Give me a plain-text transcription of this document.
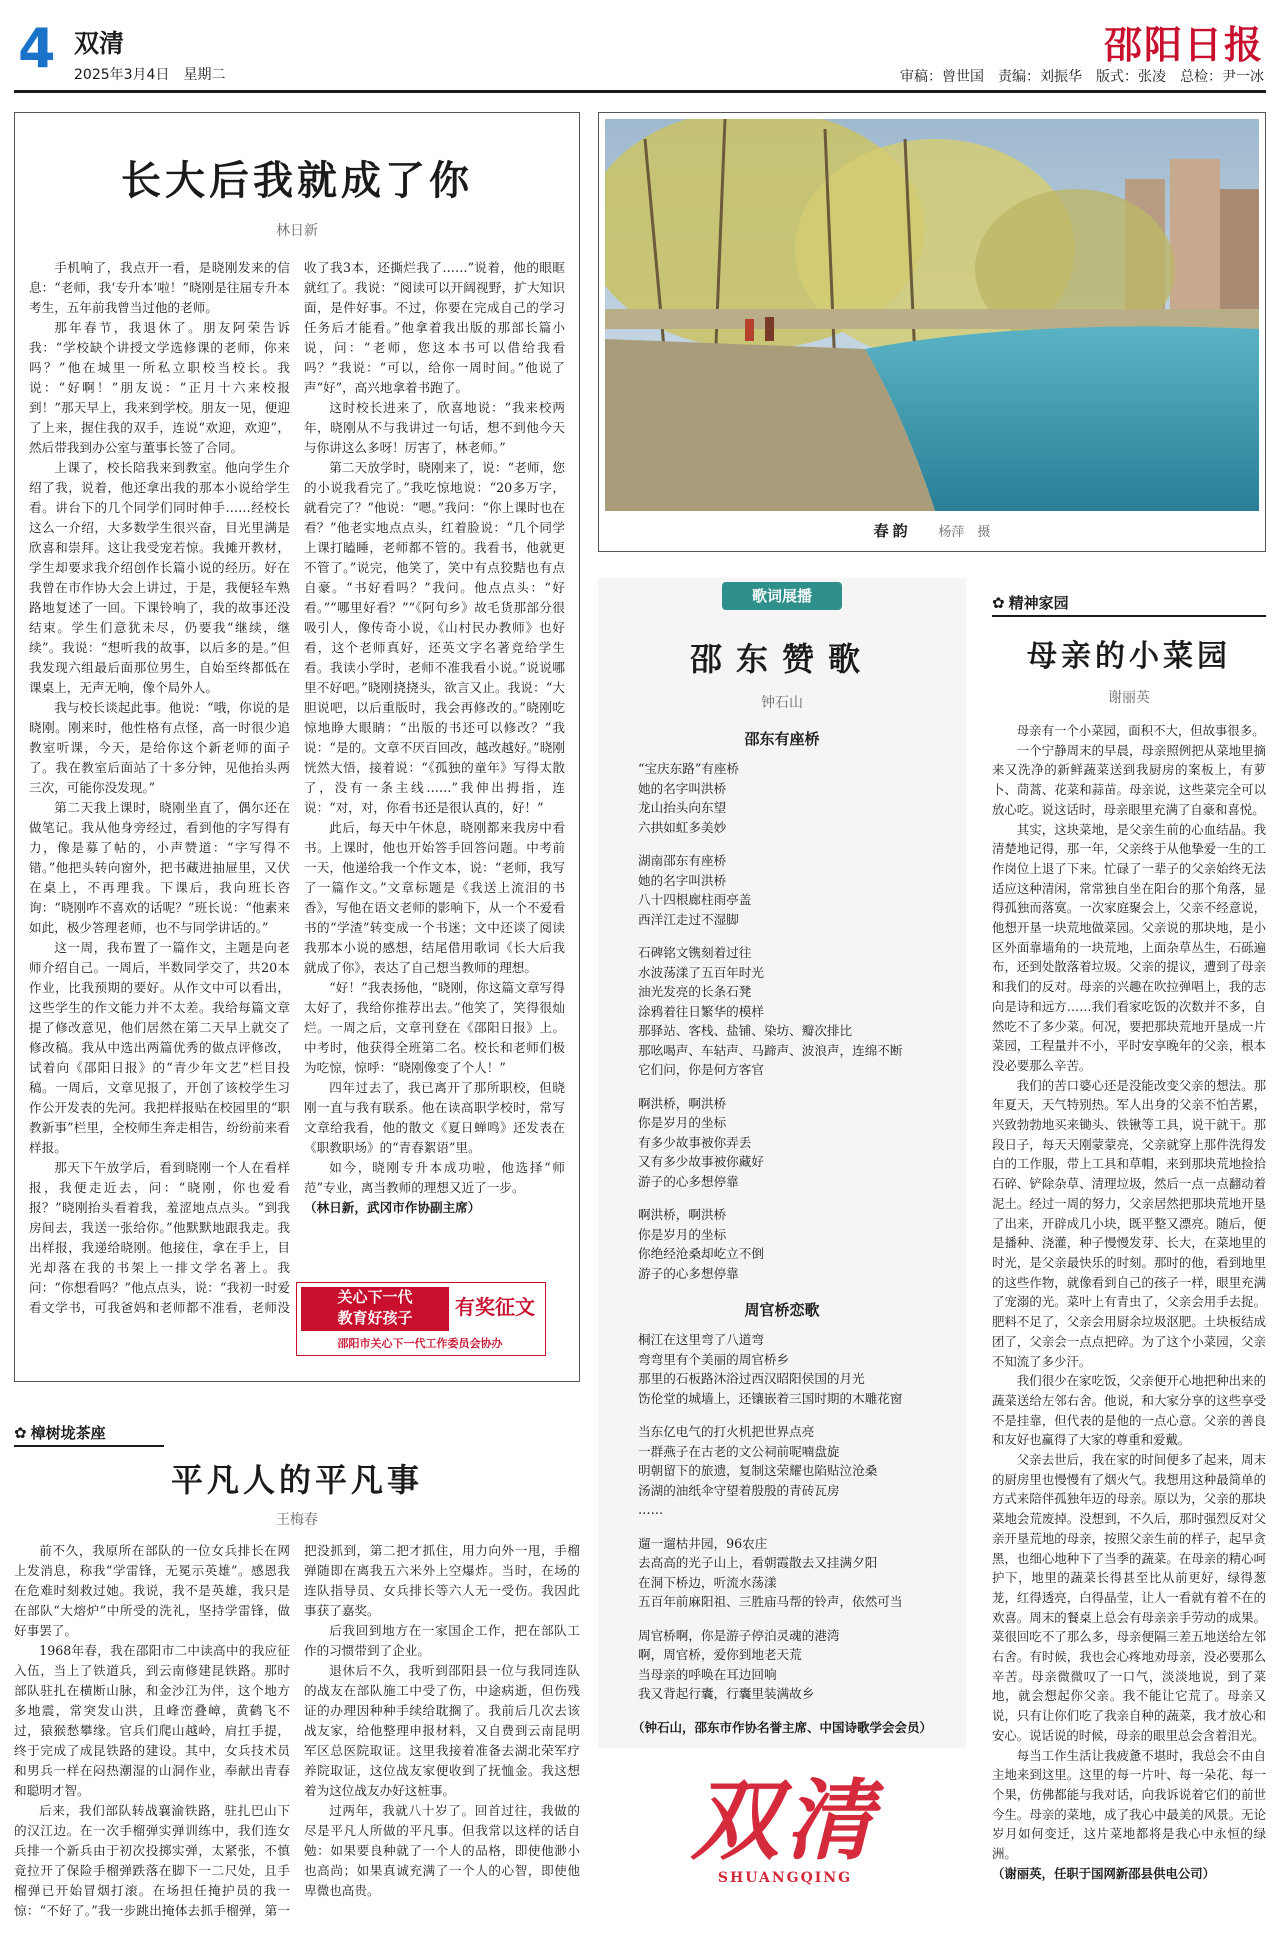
4 双清
2025年3月4日　星期二
邵阳日报
审稿：曾世国 责编：刘振华 版式：张凌 总检：尹一冰
长大后我就成了你
林日新

手机响了，我点开一看，是晓刚发来的信息：“老师，我‘专升本’啦！”晓刚是往届专升本考生，五年前我曾当过他的老师。

那年春节，我退休了。朋友阿荣告诉我：“学校缺个讲授文学选修课的老师，你来吗？”他在城里一所私立职校当校长。我说：“好啊！”朋友说：“正月十六来校报到！”那天早上，我来到学校。朋友一见，便迎了上来，握住我的双手，连说“欢迎，欢迎”，然后带我到办公室与董事长签了合同。

上课了，校长陪我来到教室。他向学生介绍了我，说着，他还拿出我的那本小说给学生看。讲台下的几个同学们同时伸手……经校长这么一介绍，大多数学生很兴奋，目光里满是欣喜和崇拜。这让我受宠若惊。我摊开教材，学生却要求我介绍创作长篇小说的经历。好在我曾在市作协大会上讲过，于是，我便轻车熟路地复述了一回。下课铃响了，我的故事还没结束。学生们意犹未尽，仍要我“继续，继续”。我说：“想听我的故事，以后多的是。”但我发现六组最后面那位男生，自始至终都低在课桌上，无声无响，像个局外人。

我与校长谈起此事。他说：“哦，你说的是晓刚。刚来时，他性格有点怪，高一时很少追教室听课，今天，是给你这个新老师的面子了。我在教室后面站了十多分钟，见他抬头两三次，可能你没发现。”

第二天我上课时，晓刚坐直了，偶尔还在做笔记。我从他身旁经过，看到他的字写得有力，像是募了帖的，小声赞道：“字写得不错。”他把头转向窗外，把书藏进抽屉里，又伏在桌上，不再理我。下课后，我向班长咨询：“晓刚咋不喜欢的话呢？”班长说：“他素来如此，极少答理老师，也不与同学讲话的。”

这一周，我布置了一篇作文，主题是向老师介绍自己。一周后，半数同学交了，共20本作业，比我预期的要好。从作文中可以看出，这些学生的作文能力并不太差。我给每篇文章提了修改意见，他们居然在第二天早上就交了修改稿。我从中选出两篇优秀的做点评修改，试着向《邵阳日报》的“青少年文艺”栏目投稿。一周后，文章见报了，开创了该校学生习作公开发表的先河。我把样报贴在校园里的“职教新事”栏里，全校师生奔走相告，纷纷前来看样报。

那天下午放学后，看到晓刚一个人在看样报，我便走近去，问：“晓刚，你也爱看报？”晓刚抬头看着我，羞涩地点点头。“到我房间去，我送一张给你。”他默默地跟我走。我出样报，我递给晓刚。他接住，拿在手上，目光却落在我的书架上一排文学名著上。我问：“你想看吗？”他点点头，说：“我初一时爱看文学书，可我爸妈和老师都不准看，老师没收了我3本，还撕烂我了……”说着，他的眼眶就红了。我说：“阅读可以开阔视野，扩大知识面，是件好事。不过，你要在完成自己的学习任务后才能看。”他拿着我出版的那部长篇小说，问：“老师，您这本书可以借给我看吗？”我说：“可以，给你一周时间。”他说了声“好”，高兴地拿着书跑了。

这时校长进来了，欣喜地说：“我来校两年，晓刚从不与我讲过一句话，想不到他今天与你讲这么多呀！厉害了，林老师。”

第二天放学时，晓刚来了，说：“老师，您的小说我看完了。”我吃惊地说：“20多万字，就看完了？”他说：“嗯。”我问：“你上课时也在看？”他老实地点点头，红着脸说：“几个同学上课打瞌睡，老师都不管的。我看书，他就更不管了。”说完，他笑了，笑中有点狡黠也有点自豪。“书好看吗？”我问。他点点头：“好看。”“哪里好看？”“《阿句乡》故毛货那部分很吸引人，像传奇小说，《山村民办教师》也好看，这个老师真好，还英文字名著竞给学生看。我读小学时，老师不准我看小说。”说说哪里不好吧。”晓刚挠挠头，欲言又止。我说：“大胆说吧，以后重版时，我会再修改的。”晓刚吃惊地睁大眼睛：“出版的书还可以修改？”我说：“是的。文章不厌百回改，越改越好。”晓刚恍然大悟，接着说：“《孤独的童年》写得太散了，没有一条主线……”我伸出拇指，连说：“对，对，你看书还是很认真的，好！”

此后，每天中午休息，晓刚都来我房中看书。上课时，他也开始答手回答问题。中考前一天，他递给我一个作文本，说：“老师，我写了一篇作文。”文章标题是《我送上流泪的书香》，写他在语文老师的影响下，从一个不爱看书的“学渣”转变成一个书迷；文中还谈了阅读我那本小说的感想，结尾借用歌词《长大后我就成了你》，表达了自己想当教师的理想。

“好！”我表扬他，“晓刚，你这篇文章写得太好了，我给你推荐出去。”他笑了，笑得很灿烂。一周之后，文章刊登在《邵阳日报》上。中考时，他获得全班第二名。校长和老师们极为吃惊，惊呼：“晓刚像变了个人！”

四年过去了，我已离开了那所职校，但晓刚一直与我有联系。他在读高职学校时，常写文章给我看，他的散文《夏日蝉鸣》还发表在《职教职场》的“青春絮语”里。

如今，晓刚专升本成功啦，他选择“师范”专业，离当教师的理想又近了一步。

（林日新，武冈市作协副主席）

关心下一代
教育好孩子	有奖征文
邵阳市关心下一代工作委员会协办
春韵 杨萍　摄
歌词展播
邵东赞歌
钟石山
邵东有座桥
“宝庆东路”有座桥
她的名字叫洪桥
龙山抬头向东望
六拱如虹多美妙
湖南邵东有座桥
她的名字叫洪桥
八十四根廊柱雨亭盖
西洋江走过不湿脚
石碑铭文镌刻着过往
水波荡漾了五百年时光
油光发亮的长条石凳
涂鸦着往日繁华的模样
那驿站、客栈、盐铺、染坊、瓣次排比
那吆喝声、车轱声、马蹄声、波浪声，连绵不断
它们问，你是何方客官
啊洪桥，啊洪桥
你是岁月的坐标
有多少故事被你弄丢
又有多少故事被你藏好
游子的心多想停靠
啊洪桥，啊洪桥
你是岁月的坐标
你绝经沧桑却屹立不倒
游子的心多想停靠
周官桥恋歌
桐江在这里弯了八道弯
弯弯里有个美丽的周官桥乡
那里的石板路沐浴过西汉昭阳侯国的月光
饬伦堂的城墙上，还镶嵌着三国时期的木雕花窗
当东亿电气的打火机把世界点亮
一群燕子在古老的文公祠前呢喃盘旋
明朝留下的旅遗，复制这荣耀也陷贴泣沧桑
汤湖的油纸伞守望着殷殷的青砖瓦房
……
遛一遛枯井园，96农庄
去高高的光子山上，看朝霞散去又挂满夕阳
在洞下桥边，听流水荡漾
五百年前麻阳祖、三胜庙马帮的铃声，依然可当
周官桥啊，你是游子停泊灵魂的港湾
啊，周官桥，爱你到地老天荒
当母亲的呼唤在耳边回响
我又背起行囊，行囊里装满故乡
（钟石山，邵东市作协名誉主席、中国诗歌学会会员）
✿ 精神家园
母亲的小菜园
谢丽英

母亲有一个小菜园，面积不大，但故事很多。

一个宁静周末的早晨，母亲照例把从菜地里摘来又洗净的新鲜蔬菜送到我厨房的案板上，有萝卜、茼蒿、花菜和蒜苗。母亲说，这些菜完全可以放心吃。说这话时，母亲眼里充满了自豪和喜悦。

其实，这块菜地，是父亲生前的心血结晶。我清楚地记得，那一年，父亲终于从他挚爱一生的工作岗位上退了下来。忙碌了一辈子的父亲始终无法适应这种清闲，常常独自坐在阳台的那个角落，显得孤独而落寞。一次家庭聚会上，父亲不经意说，他想开垦一块荒地做菜园。父亲说的那块地，是小区外面靠墙角的一块荒地，上面杂草丛生，石砾遍布，还到处散落着垃圾。父亲的提议，遭到了母亲和我们的反对。母亲的兴趣在吹拉弹唱上，我的志向是诗和远方……我们看家吃饭的次数并不多，自然吃不了多少菜。何况，要把那块荒地开垦成一片菜园，工程量并不小，平时安享晚年的父亲，根本没必要那么辛苦。

我们的苦口婆心还是没能改变父亲的想法。那年夏天，天气特别热。军人出身的父亲不怕苦累，兴致勃勃地买来锄头、铁锹等工具，说干就干。那段日子，每天天刚蒙蒙亮，父亲就穿上那件洗得发白的工作服，带上工具和草帽，来到那块荒地捡拾石碎、铲除杂草、清理垃圾，然后一点一点翻动着泥土。经过一周的努力，父亲居然把那块荒地开垦了出来，开辟成几小块，既平整又漂亮。随后，便是播种、浇灌，种子慢慢发芽、长大，在菜地里的时光，是父亲最快乐的时刻。那时的他，看到地里的这些作物，就像看到自己的孩子一样，眼里充满了宠溺的光。菜叶上有青虫了，父亲会用手去捉。肥料不足了，父亲会用厨余垃圾沤肥。土块板结成团了，父亲会一点点把碎。为了这个小菜园，父亲不知流了多少汗。

我们很少在家吃饭，父亲便开心地把种出来的蔬菜送给左邻右舍。他说，和大家分享的这些享受不是挂靠，但代表的是他的一点心意。父亲的善良和友好也赢得了大家的尊重和爱戴。

父亲去世后，我在家的时间便多了起来，周末的厨房里也慢慢有了烟火气。我想用这种最简单的方式来陪伴孤独年迈的母亲。原以为，父亲的那块菜地会荒废掉。没想到，不久后，那时强烈反对父亲开垦荒地的母亲，按照父亲生前的样子，起早贪黑，也细心地种下了当季的蔬菜。在母亲的精心呵护下，地里的蔬菜长得甚至比从前更好，绿得葱茏，红得透亮，白得晶莹，让人一看就有着不在的欢喜。周末的餐桌上总会有母亲亲手劳动的成果。菜很回吃不了那么多，母亲便隔三差五地送给左邻右舍。有时候，我也会心疼地劝母亲，没必要那么辛苦。母亲微微叹了一口气，淡淡地说，到了菜地，就会想起你父亲。我不能让它荒了。母亲又说，只有让你们吃了我亲自种的蔬菜，我才放心和安心。说话说的时候，母亲的眼里总会含着泪光。

每当工作生活让我疲惫不堪时，我总会不由自主地来到这里。这里的每一片叶、每一朵花、每一个果，仿佛都能与我对话，向我诉说着它们的前世今生。母亲的菜地，成了我心中最美的风景。无论岁月如何变迁，这片菜地都将是我心中永恒的绿洲。

（谢丽英，任职于国网新邵县供电公司）

✿ 樟树垅茶座
平凡人的平凡事
王梅春

前不久，我原所在部队的一位女兵排长在网上发消息，称我“学雷锋，无冕示英雄”。感恩我在危难时刻救过她。我说，我不是英雄，我只是在部队“大熔炉”中所受的洗礼，坚持学雷锋，做好事罢了。

1968年春，我在邵阳市二中读高中的我应征入伍，当上了铁道兵，到云南修建昆铁路。那时部队驻扎在横断山脉，和金沙江为伴，这个地方多地震，常突发山洪，且峰峦叠嶂，黄鹤飞不过，猿猴愁攀缘。官兵们爬山越岭，肩扛手提，终于完成了成昆铁路的建设。其中，女兵技术员和男兵一样在闷热潮湿的山洞作业，奉献出青春和聪明才智。

后来，我们部队转战襄渝铁路，驻扎巴山下的汉江边。在一次手榴弹实弹训练中，我们连女兵排一个新兵由于初次投掷实弹，太紧张，不慎竟拉开了保险手榴弹跌落在脚下一二尺处，且手榴弹已开始冒烟打滚。在场担任掩护员的我一惊：“不好了。”我一步跳出掩体去抓手榴弹，第一把没抓到，第二把才抓住，用力向外一甩，手榴弹随即在离我五六米外上空爆炸。当时，在场的连队指导员、女兵排长等六人无一受伤。我因此事获了嘉奖。

后我回到地方在一家国企工作，把在部队工作的习惯带到了企业。

退休后不久，我听到邵阳县一位与我同连队的战友在部队施工中受了伤，中途病逝，但伤残证的办理因种种手续给耽搁了。我前后几次去该战友家，给他整理申报材料，又自费到云南昆明军区总医院取证。这里我接着准备去湖北荣军疗养院取证，这位战友家便收到了抚恤金。我这想着为这位战友办好这桩事。

过两年，我就八十岁了。回首过往，我做的尽是平凡人所做的平凡事。但我常以这样的话自勉：如果要良种就了一个人的品格，即使他渺小也高尚；如果真诚充满了一个人的心智，即使他卑微也高贵。

双清
SHUANGQING
